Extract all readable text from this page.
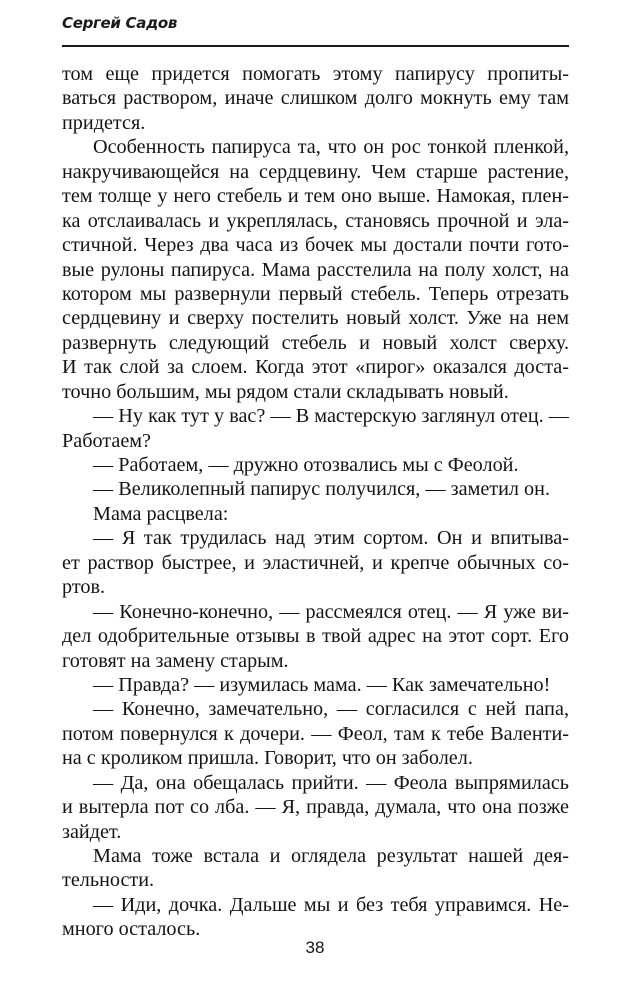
Сергей Садов
том еще придется помогать этому папирусу пропиты-
ваться раствором, иначе слишком долго мокнуть ему там
придется.
Особенность папируса та, что он рос тонкой пленкой,
накручивающейся на сердцевину. Чем старше растение,
тем толще у него стебель и тем оно выше. Намокая, плен-
ка отслаивалась и укреплялась, становясь прочной и эла-
стичной. Через два часа из бочек мы достали почти гото-
вые рулоны папируса. Мама расстелила на полу холст, на
котором мы развернули первый стебель. Теперь отрезать
сердцевину и сверху постелить новый холст. Уже на нем
развернуть следующий стебель и новый холст сверху.
И так слой за слоем. Когда этот «пирог» оказался доста-
точно большим, мы рядом стали складывать новый.
— Ну как тут у вас? — В мастерскую заглянул отец. —
Работаем?
— Работаем, — дружно отозвались мы с Феолой.
— Великолепный папирус получился, — заметил он.
Мама расцвела:
— Я так трудилась над этим сортом. Он и впитыва-
ет раствор быстрее, и эластичней, и крепче обычных со-
ртов.
— Конечно-конечно, — рассмеялся отец. — Я уже ви-
дел одобрительные отзывы в твой адрес на этот сорт. Его
готовят на замену старым.
— Правда? — изумилась мама. — Как замечательно!
— Конечно, замечательно, — согласился с ней папа,
потом повернулся к дочери. — Феол, там к тебе Валенти-
на с кроликом пришла. Говорит, что он заболел.
— Да, она обещалась прийти. — Феола выпрямилась
и вытерла пот со лба. — Я, правда, думала, что она позже
зайдет.
Мама тоже встала и оглядела результат нашей дея-
тельности.
— Иди, дочка. Дальше мы и без тебя управимся. Не-
много осталось.
38
